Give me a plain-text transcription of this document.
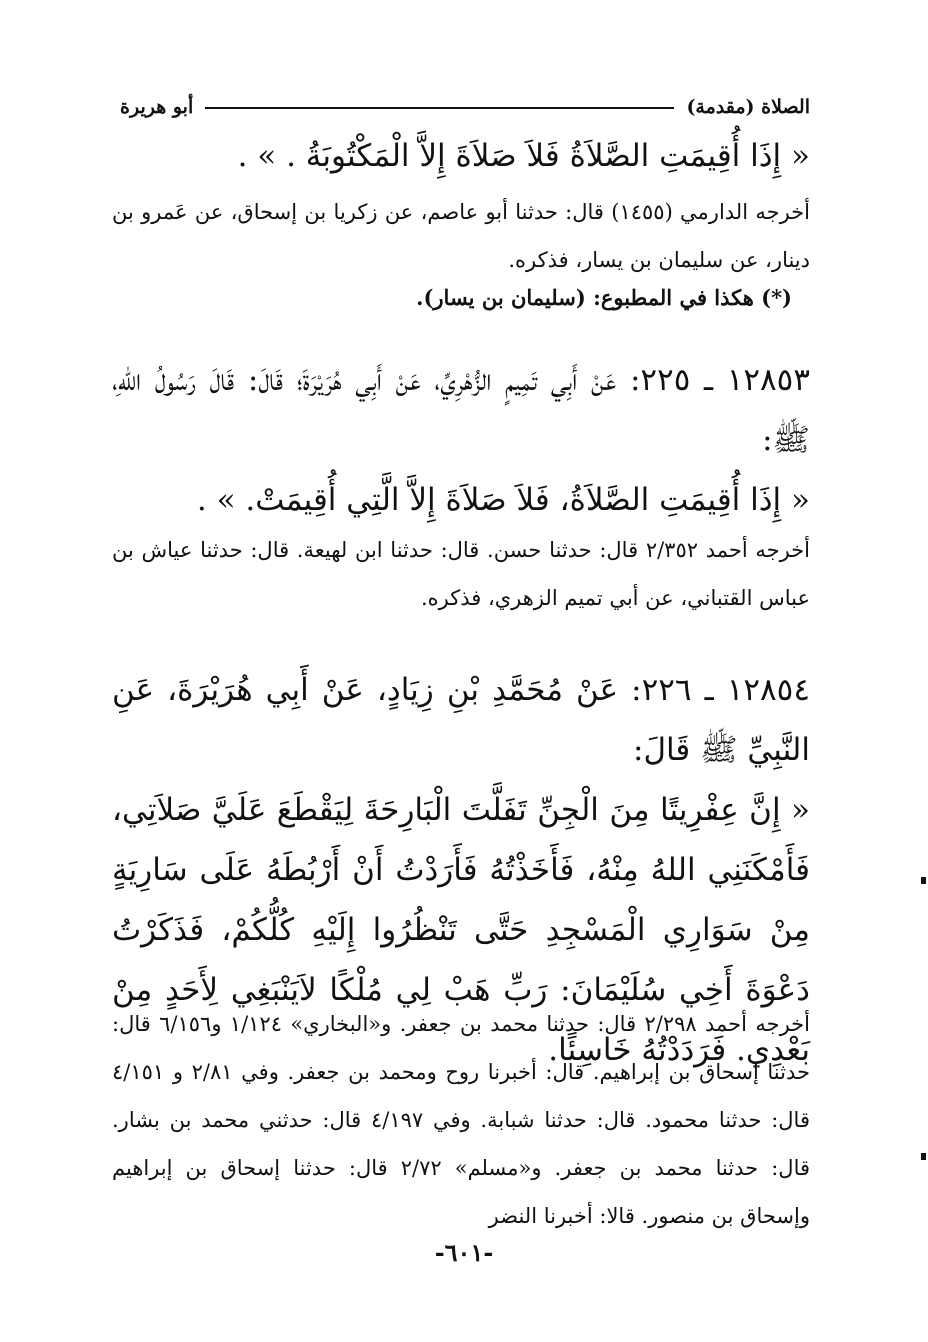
الصلاة (مقدمة)
أبو هريرة
« إِذَا أُقِيمَتِ الصَّلاَةُ فَلاَ صَلاَةَ إِلاَّ الْمَكْتُوبَةُ . » .
أخرجه الدارمي (١٤٥٥) قال: حدثنا أبو عاصم، عن زكريا بن إسحاق، عن عَمرو بن دينار، عن سليمان بن يسار، فذكره.
(*) هكذا في المطبوع: (سليمان بن يسار).
١٢٨٥٣ ـ ٢٢٥: عَنْ أَبِي تَمِيمٍ الزُّهْرِيِّ، عَنْ أَبِي هُرَيْرَةَ؛ قَالَ: قَالَ رَسُولُ اللهِ، ﷺ:
« إِذَا أُقِيمَتِ الصَّلاَةُ، فَلاَ صَلاَةَ إِلاَّ الَّتِي أُقِيمَتْ. » .
أخرجه أحمد ٢/٣٥٢ قال: حدثنا حسن. قال: حدثنا ابن لهيعة. قال: حدثنا عياش بن عباس القتباني، عن أبي تميم الزهري، فذكره.
١٢٨٥٤ ـ ٢٢٦: عَنْ مُحَمَّدِ بْنِ زِيَادٍ، عَنْ أَبِي هُرَيْرَةَ، عَنِ النَّبِيِّ ﷺ قَالَ:
« إِنَّ عِفْرِيتًا مِنَ الْجِنِّ تَفَلَّتَ الْبَارِحَةَ لِيَقْطَعَ عَلَيَّ صَلاَتِي، فَأَمْكَنَنِي اللهُ مِنْهُ، فَأَخَذْتُهُ فَأَرَدْتُ أَنْ أَرْبُطَهُ عَلَى سَارِيَةٍ مِنْ سَوَارِي الْمَسْجِدِ حَتَّى تَنْظُرُوا إِلَيْهِ كُلُّكُمْ، فَذَكَرْتُ دَعْوَةَ أَخِي سُلَيْمَانَ: رَبِّ هَبْ لِي مُلْكًا لاَيَنْبَغِي لِأَحَدٍ مِنْ بَعْدِي. فَرَدَدْتُهُ خَاسِئًا.
أخرجه أحمد ٢/٢٩٨ قال: حدثنا محمد بن جعفر. و«البخاري» ١/١٢٤ و٦/١٥٦ قال: حدثنا إسحاق بن إبراهيم. قال: أخبرنا روح ومحمد بن جعفر. وفي ٢/٨١ و ٤/١٥١ قال: حدثنا محمود. قال: حدثنا شبابة. وفي ٤/١٩٧ قال: حدثني محمد بن بشار. قال: حدثنا محمد بن جعفر. و«مسلم» ٢/٧٢ قال: حدثنا إسحاق بن إبراهيم وإسحاق بن منصور. قالا: أخبرنا النضر
-٦٠١-
